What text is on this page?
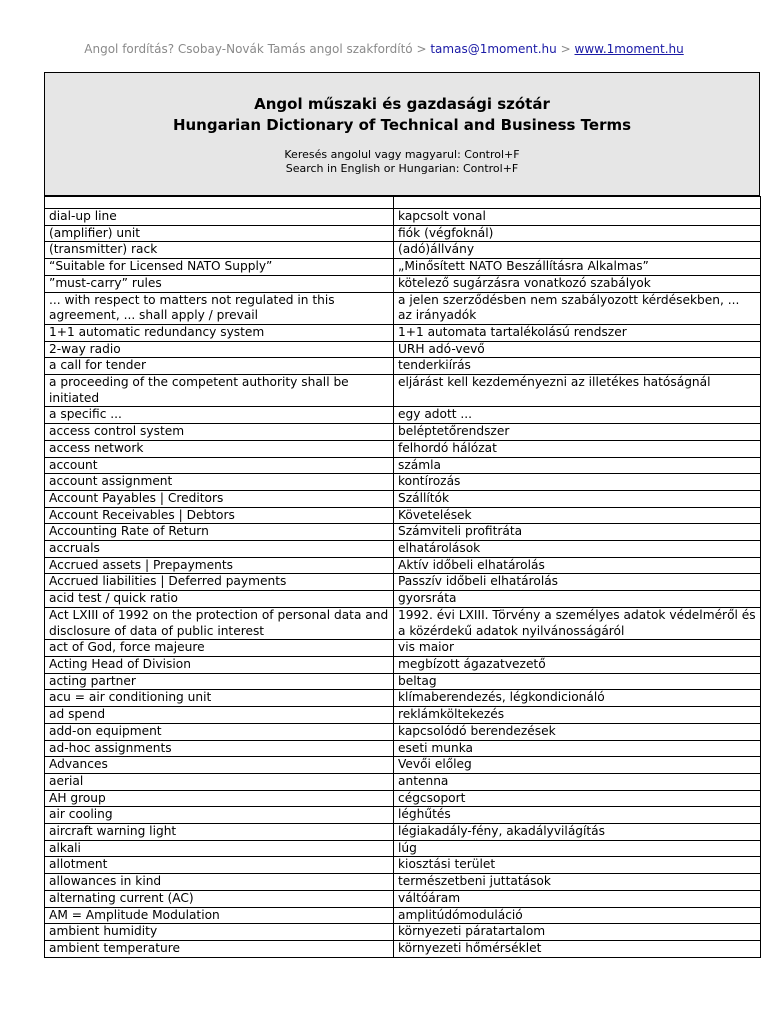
Angol fordítás? Csobay-Novák Tamás angol szakfordító > tamas@1moment.hu > www.1moment.hu
Angol műszaki és gazdasági szótár
Hungarian Dictionary of Technical and Business Terms
Keresés angolul vagy magyarul: Control+F
Search in English or Hungarian: Control+F

dial-up line	kapcsolt vonal
(amplifier) unit	fiók (végfoknál)
(transmitter) rack	(adó)állvány
“Suitable for Licensed NATO Supply”	„Minősített NATO Beszállításra Alkalmas”
”must-carry” rules	kötelező sugárzásra vonatkozó szabályok
... with respect to matters not regulated in this agreement, ... shall apply / prevail	a jelen szerződésben nem szabályozott kérdésekben, ... az irányadók
1+1 automatic redundancy system	1+1 automata tartalékolású rendszer
2-way radio	URH adó-vevő
a call for tender	tenderkiírás
a proceeding of the competent authority shall be initiated	eljárást kell kezdeményezni az illetékes hatóságnál
a specific ...	egy adott ...
access control system	beléptetőrendszer
access network	felhordó hálózat
account	számla
account assignment	kontírozás
Account Payables | Creditors	Szállítók
Account Receivables | Debtors	Követelések
Accounting Rate of Return	Számviteli profitráta
accruals	elhatárolások
Accrued assets | Prepayments	Aktív időbeli elhatárolás
Accrued liabilities | Deferred payments	Passzív időbeli elhatárolás
acid test / quick ratio	gyorsráta
Act LXIII of 1992 on the protection of personal data and disclosure of data of public interest	1992. évi LXIII. Törvény a személyes adatok védelméről és a közérdekű adatok nyilvánosságáról
act of God, force majeure	vis maior
Acting Head of Division	megbízott ágazatvezető
acting partner	beltag
acu = air conditioning unit	klímaberendezés, légkondicionáló
ad spend	reklámköltekezés
add-on equipment	kapcsolódó berendezések
ad-hoc assignments	eseti munka
Advances	Vevői előleg
aerial	antenna
AH group	cégcsoport
air cooling	léghűtés
aircraft warning light	légiakadály-fény, akadályvilágítás
alkali	lúg
allotment	kiosztási terület
allowances in kind	természetbeni juttatások
alternating current (AC)	váltóáram
AM = Amplitude Modulation	amplitúdómoduláció
ambient humidity	környezeti páratartalom
ambient temperature	környezeti hőmérséklet
